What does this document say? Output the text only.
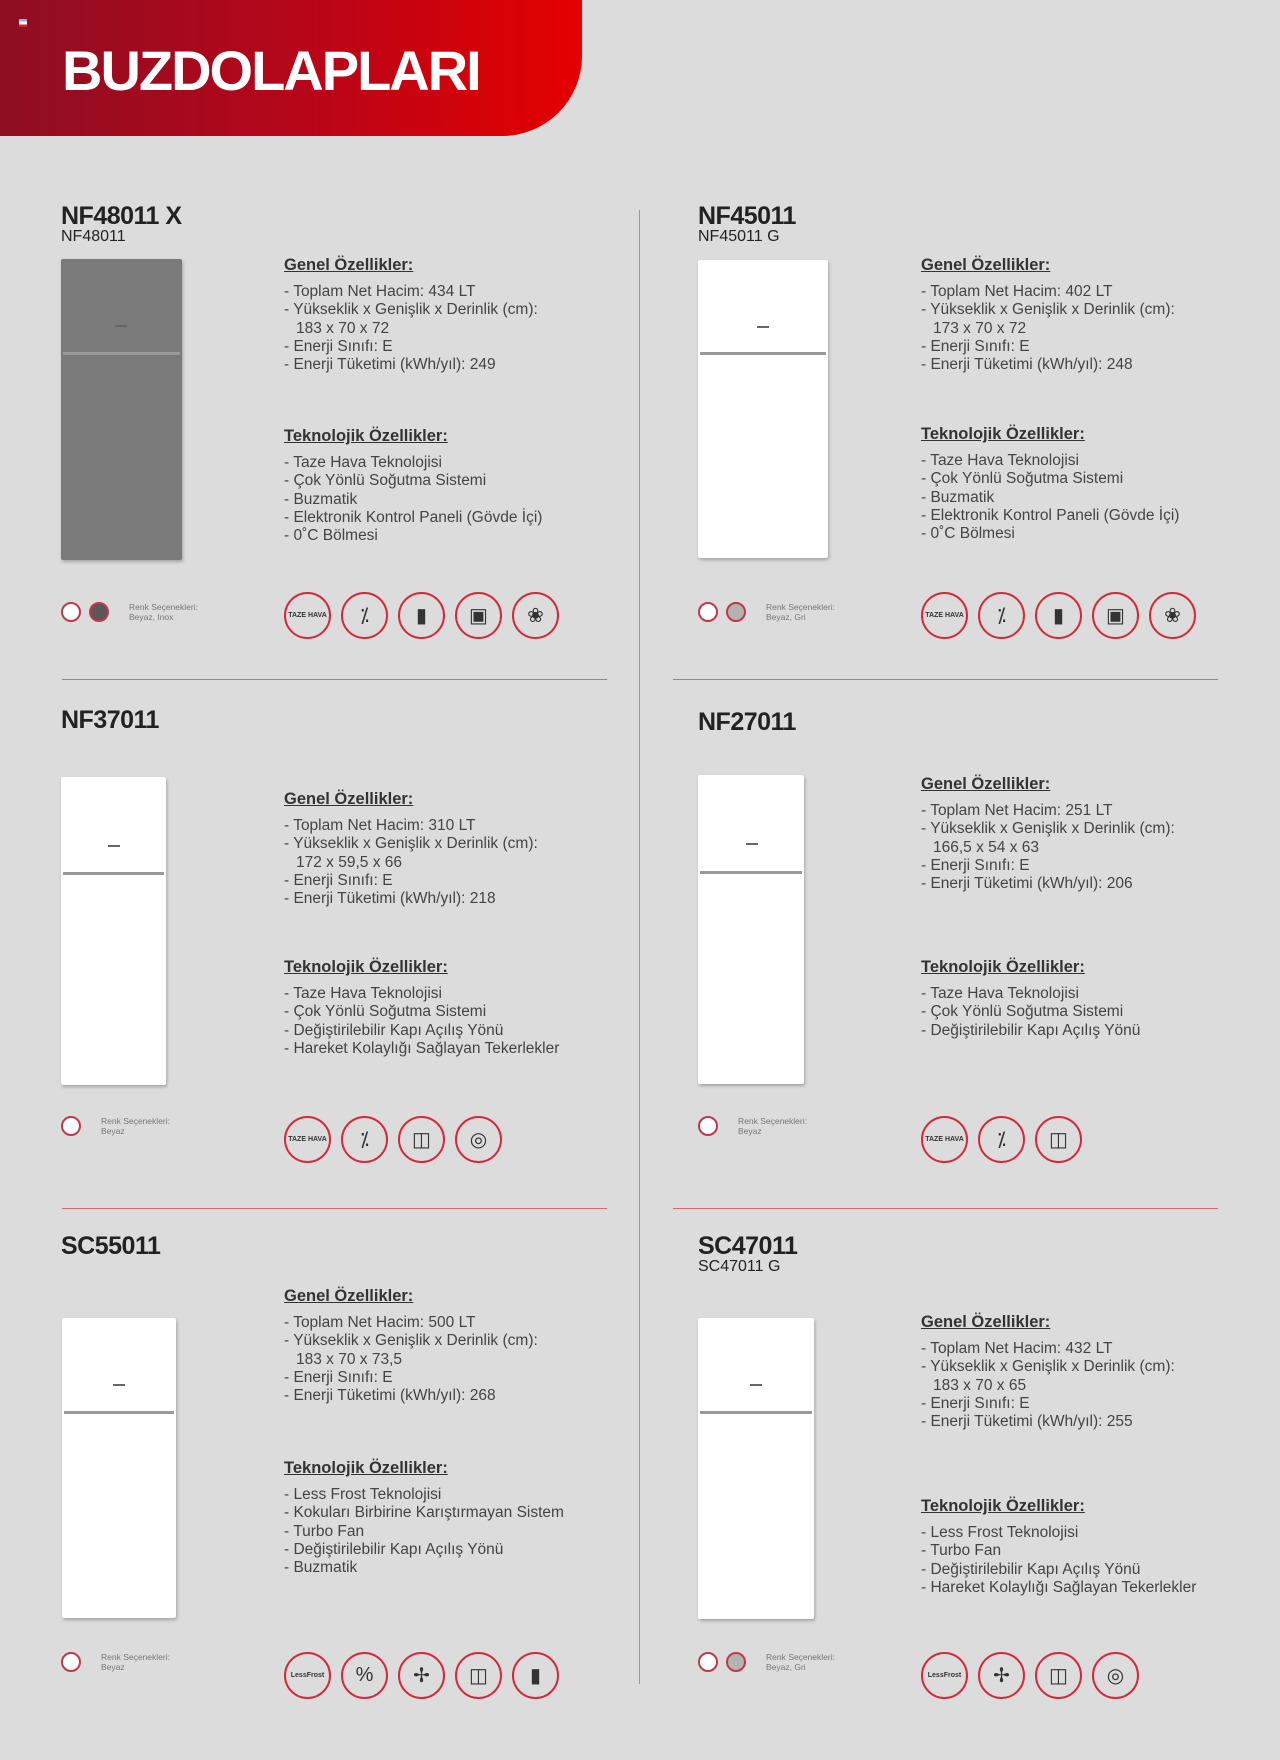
BUZDOLAPLARI
NF48011 X
NF48011
Genel Özellikler:
- Toplam Net Hacim: 434 LT
- Yükseklik x Genişlik x Derinlik (cm):
183 x 70 x 72
- Enerji Sınıfı: E
- Enerji Tüketimi (kWh/yıl): 249
Teknolojik Özellikler:
- Taze Hava Teknolojisi
- Çok Yönlü Soğutma Sistemi
- Buzmatik
- Elektronik Kontrol Paneli (Gövde İçi)
- 0˚C Bölmesi
Renk Seçenekleri:
Beyaz, Inox	TAZE HAVA ⁒ ▮ ▣ ❀
NF45011
NF45011 G
Genel Özellikler:
- Toplam Net Hacim: 402 LT
- Yükseklik x Genişlik x Derinlik (cm):
173 x 70 x 72
- Enerji Sınıfı: E
- Enerji Tüketimi (kWh/yıl): 248
Teknolojik Özellikler:
- Taze Hava Teknolojisi
- Çok Yönlü Soğutma Sistemi
- Buzmatik
- Elektronik Kontrol Paneli (Gövde İçi)
- 0˚C Bölmesi
Renk Seçenekleri:
Beyaz, Gri	TAZE HAVA ⁒ ▮ ▣ ❀
NF37011
Genel Özellikler:
- Toplam Net Hacim: 310 LT
- Yükseklik x Genişlik x Derinlik (cm):
172 x 59,5 x 66
- Enerji Sınıfı: E
- Enerji Tüketimi (kWh/yıl): 218
Teknolojik Özellikler:
- Taze Hava Teknolojisi
- Çok Yönlü Soğutma Sistemi
- Değiştirilebilir Kapı Açılış Yönü
- Hareket Kolaylığı Sağlayan Tekerlekler
Renk Seçenekleri:
Beyaz
TAZE HAVA ⁒ ◫ ◎
NF27011
Genel Özellikler:
- Toplam Net Hacim: 251 LT
- Yükseklik x Genişlik x Derinlik (cm):
166,5 x 54 x 63
- Enerji Sınıfı: E
- Enerji Tüketimi (kWh/yıl): 206
Teknolojik Özellikler:
- Taze Hava Teknolojisi
- Çok Yönlü Soğutma Sistemi
- Değiştirilebilir Kapı Açılış Yönü
Renk Seçenekleri:
Beyaz
TAZE HAVA ⁒ ◫
SC55011
Genel Özellikler:
- Toplam Net Hacim: 500 LT
- Yükseklik x Genişlik x Derinlik (cm):
183 x 70 x 73,5
- Enerji Sınıfı: E
- Enerji Tüketimi (kWh/yıl): 268
Teknolojik Özellikler:
- Less Frost Teknolojisi
- Kokuları Birbirine Karıştırmayan Sistem
- Turbo Fan
- Değiştirilebilir Kapı Açılış Yönü
- Buzmatik
Renk Seçenekleri:
Beyaz
LessFrost % ✢ ◫ ▮
SC47011
SC47011 G
Genel Özellikler:
- Toplam Net Hacim: 432 LT
- Yükseklik x Genişlik x Derinlik (cm):
183 x 70 x 65
- Enerji Sınıfı: E
- Enerji Tüketimi (kWh/yıl): 255
Teknolojik Özellikler:
- Less Frost Teknolojisi
- Turbo Fan
- Değiştirilebilir Kapı Açılış Yönü
- Hareket Kolaylığı Sağlayan Tekerlekler
Renk Seçenekleri:
Beyaz, Gri
LessFrost ✢ ◫ ◎
